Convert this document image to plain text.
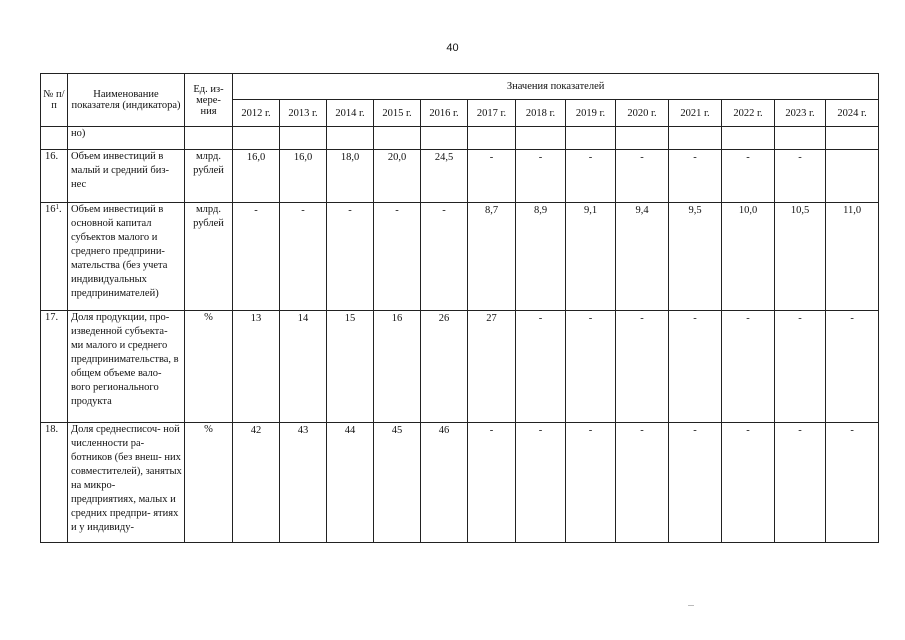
40
№ п/п	Наименование показателя (индикатора)	Ед. из- мере- ния	Значения показателей												
			2012 г.	2013 г.	2014 г.	2015 г.	2016 г.	2017 г.	2018 г.	2019 г.	2020 г.	2021 г.	2022 г.	2023 г.	2024 г.
	но)														
16.	Объем инвестиций в малый и средний биз- нес	млрд. рублей	16,0	16,0	18,0	20,0	24,5	-	-	-	-	-	-	-	
$16^1$.	Объем инвестиций в основной капитал субъектов малого и среднего предприни- мательства (без учета индивидуальных предпринимателей)	млрд. рублей	-	-	-	-	-	8,7	8,9	9,1	9,4	9,5	10,0	10,5	11,0
17.	Доля продукции, про- изведенной субъекта- ми малого и среднего предпринимательства, в общем объеме вало- вого регионального продукта	%	13	14	15	16	26	27	-	-	-	-	-	-	-
18.	Доля среднесписоч- ной численности ра- ботников (без внеш- них совместителей), занятых на микро- предприятиях, малых и средних предпри- ятиях и у индивиду-	%	42	43	44	45	46	-	-	-	-	-	-	-	-
